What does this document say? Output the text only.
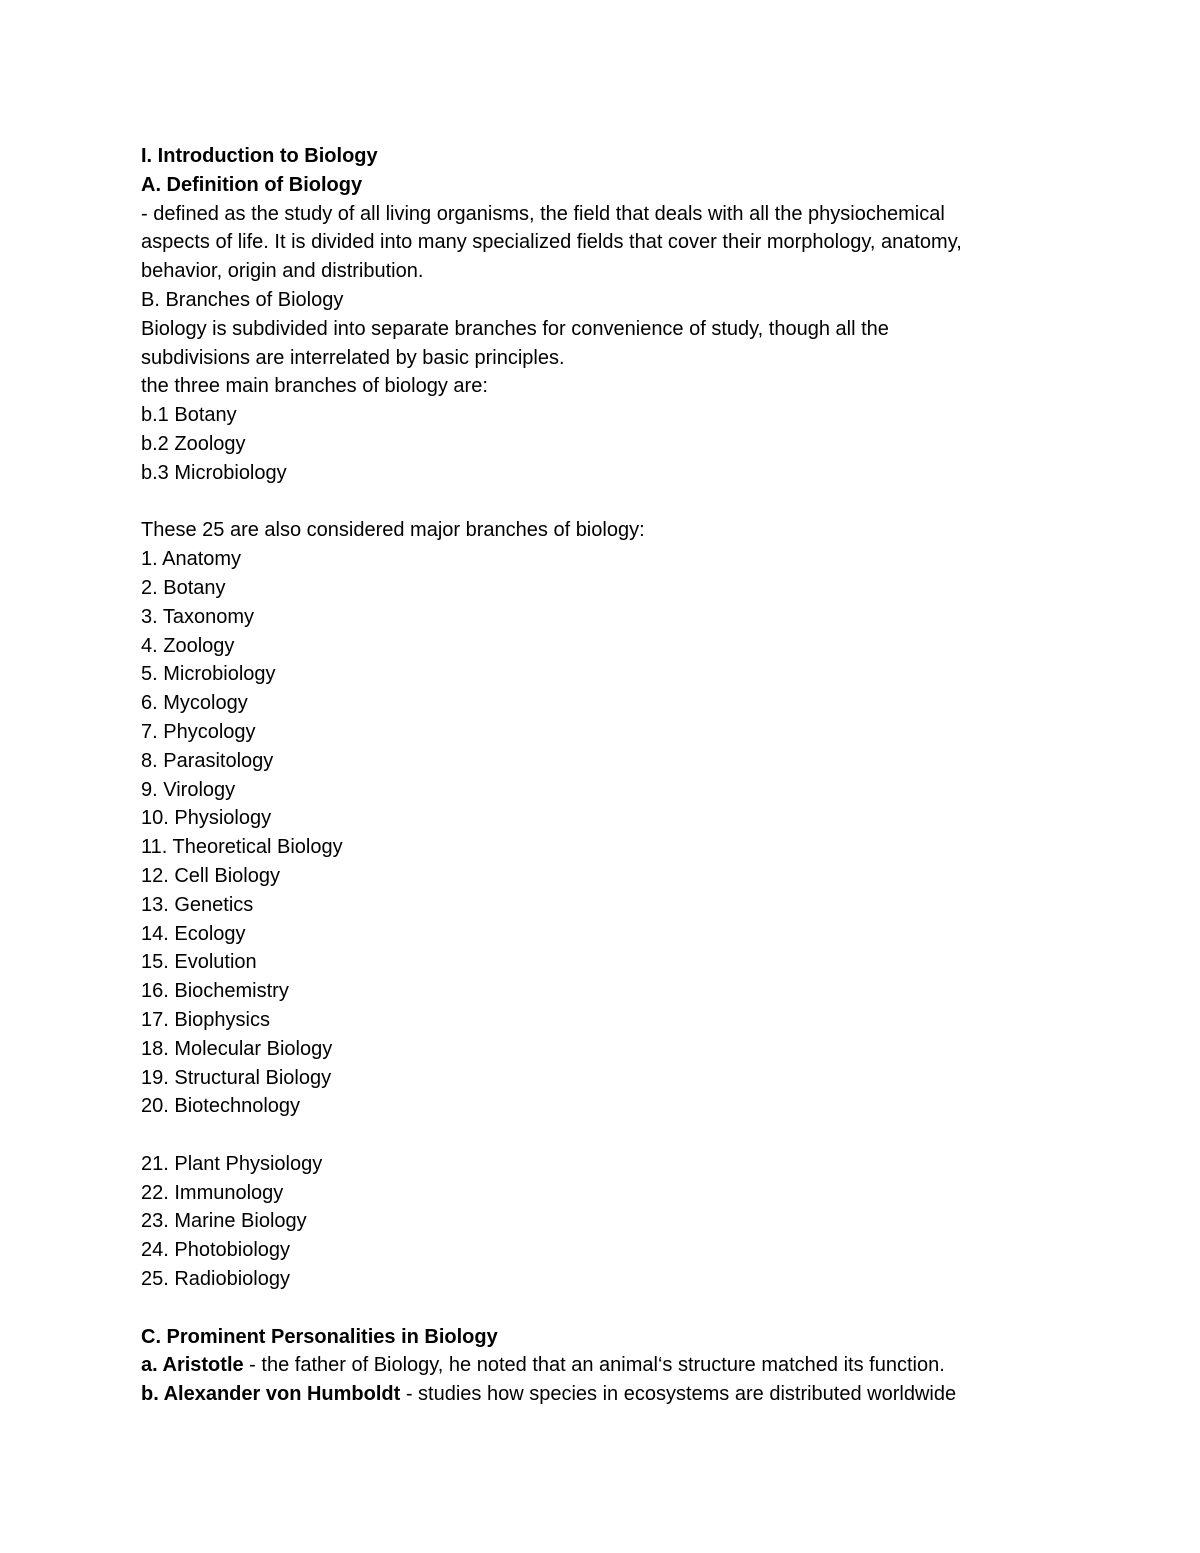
I. Introduction to Biology

A. Definition of Biology

- defined as the study of all living organisms, the field that deals with all the physiochemical

aspects of life. It is divided into many specialized fields that cover their morphology, anatomy,

behavior, origin and distribution.

B. Branches of Biology

Biology is subdivided into separate branches for convenience of study, though all the

subdivisions are interrelated by basic principles.

the three main branches of biology are:

b.1 Botany

b.2 Zoology

b.3 Microbiology

These 25 are also considered major branches of biology:

1. Anatomy

2. Botany

3. Taxonomy

4. Zoology

5. Microbiology

6. Mycology

7. Phycology

8. Parasitology

9. Virology

10. Physiology

11. Theoretical Biology

12. Cell Biology

13. Genetics

14. Ecology

15. Evolution

16. Biochemistry

17. Biophysics

18. Molecular Biology

19. Structural Biology

20. Biotechnology

21. Plant Physiology

22. Immunology

23. Marine Biology

24. Photobiology

25. Radiobiology

C. Prominent Personalities in Biology

a. Aristotle - the father of Biology, he noted that an animal‘s structure matched its function.

b. Alexander von Humboldt - studies how species in ecosystems are distributed worldwide
